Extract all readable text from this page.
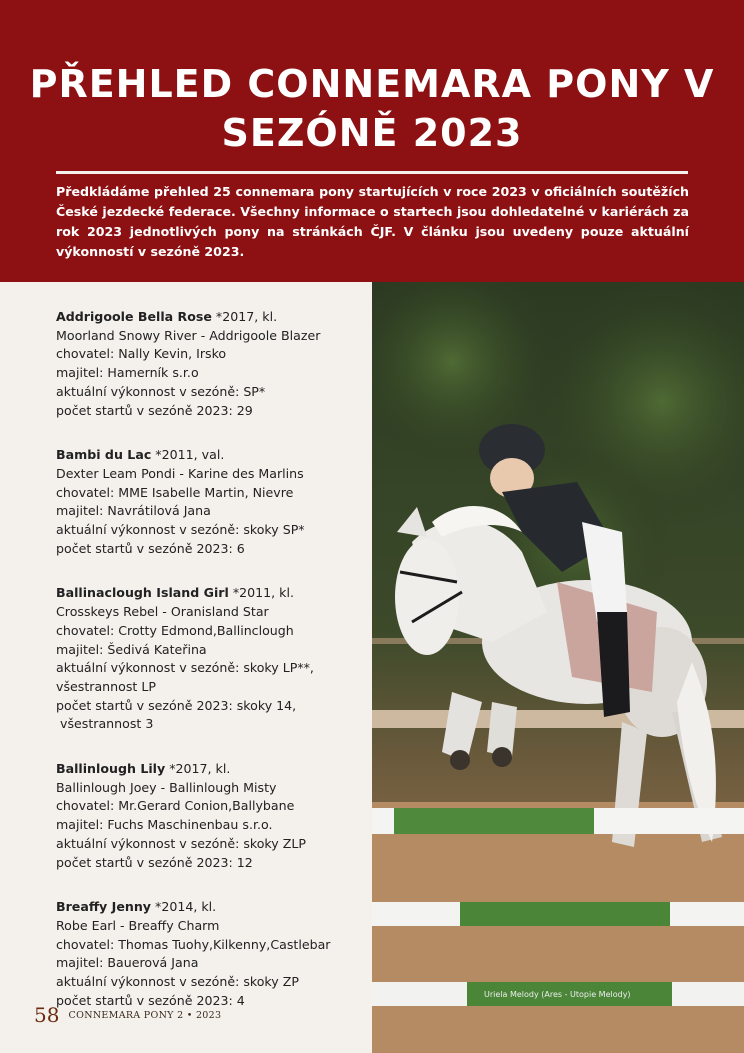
PŘEHLED CONNEMARA PONY V
SEZÓNĚ 2023

Předkládáme přehled 25 connemara pony startujících v roce 2023 v oficiálních soutěžích České jezdecké federace. Všechny informace o startech jsou dohledatelné v kariérách za rok 2023 jednotlivých pony na stránkách ČJF. V článku jsou uvedeny pouze aktuální výkonností v sezóně 2023.

Addrigoole Bella Rose *2017, kl.
Moorland Snowy River - Addrigoole Blazer
chovatel: Nally Kevin, Irsko
majitel: Hamerník s.r.o
aktuální výkonnost v sezóně: SP*
počet startů v sezóně 2023: 29
Bambi du Lac *2011, val.
Dexter Leam Pondi - Karine des Marlins
chovatel: MME Isabelle Martin, Nievre
majitel: Navrátilová Jana
aktuální výkonnost v sezóně: skoky SP*
počet startů v sezóně 2023: 6
Ballinaclough Island Girl *2011, kl.
Crosskeys Rebel - Oranisland Star
chovatel: Crotty Edmond,Ballinclough
majitel: Šedivá Kateřina
aktuální výkonnost v sezóně: skoky LP**,
všestrannost LP
počet startů v sezóně 2023: skoky 14,
všestrannost 3
Ballinlough Lily *2017, kl.
Ballinlough Joey - Ballinlough Misty
chovatel: Mr.Gerard Conion,Ballybane
majitel: Fuchs Maschinenbau s.r.o.
aktuální výkonnost v sezóně: skoky ZLP
počet startů v sezóně 2023: 12
Breaffy Jenny *2014, kl.
Robe Earl - Breaffy Charm
chovatel: Thomas Tuohy,Kilkenny,Castlebar
majitel: Bauerová Jana
aktuální výkonnost v sezóně: skoky ZP
počet startů v sezóně 2023: 4	Uriela Melody (Ares - Utopie Melody)
58 CONNEMARA PONY 2 • 2023
